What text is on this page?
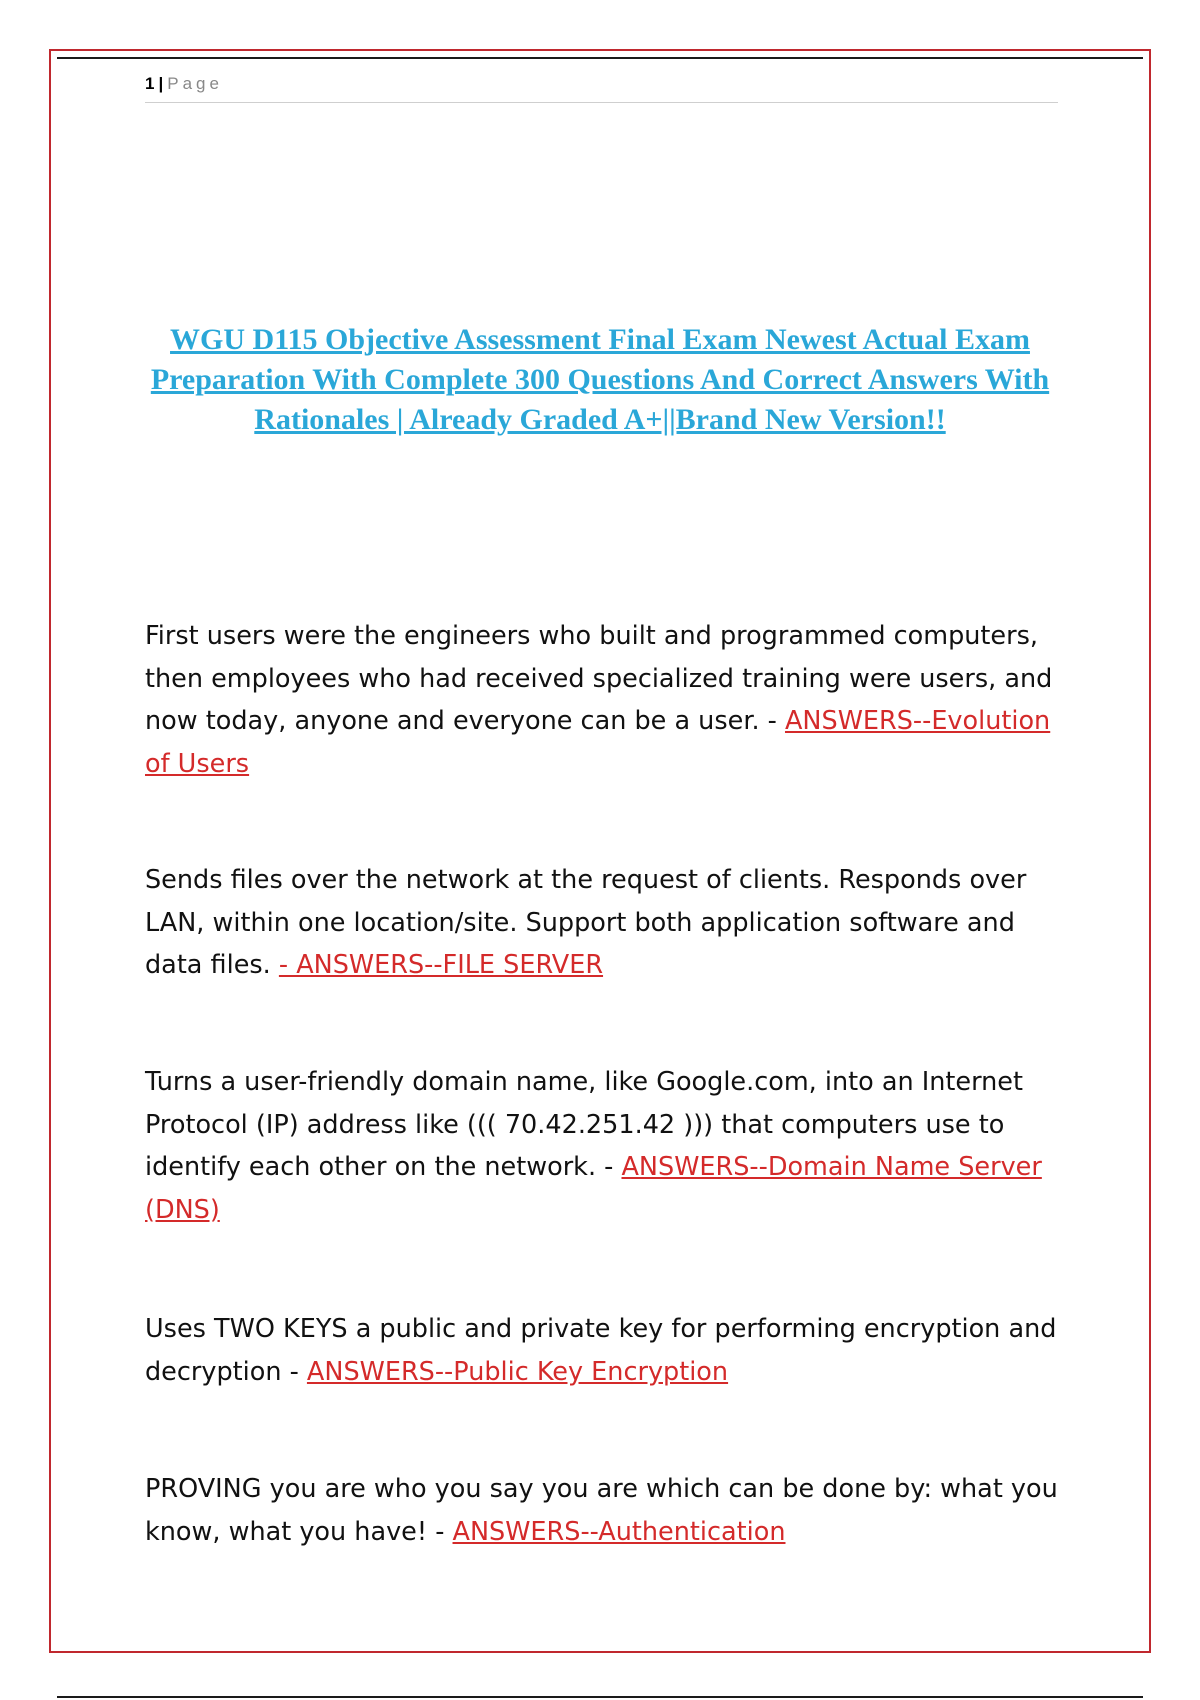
1 | Page
WGU D115 Objective Assessment Final Exam Newest Actual Exam Preparation With Complete 300 Questions And Correct Answers With Rationales | Already Graded A+||Brand New Version!!
First users were the engineers who built and programmed computers, then employees who had received specialized training were users, and now today, anyone and everyone can be a user. - ANSWERS--Evolution of Users
Sends files over the network at the request of clients. Responds over LAN, within one location/site. Support both application software and data files. - ANSWERS--FILE SERVER
Turns a user-friendly domain name, like Google.com, into an Internet Protocol (IP) address like ((( 70.42.251.42 ))) that computers use to identify each other on the network. - ANSWERS--Domain Name Server (DNS)
Uses TWO KEYS a public and private key for performing encryption and decryption - ANSWERS--Public Key Encryption
PROVING you are who you say you are which can be done by: what you know, what you have! - ANSWERS--Authentication
